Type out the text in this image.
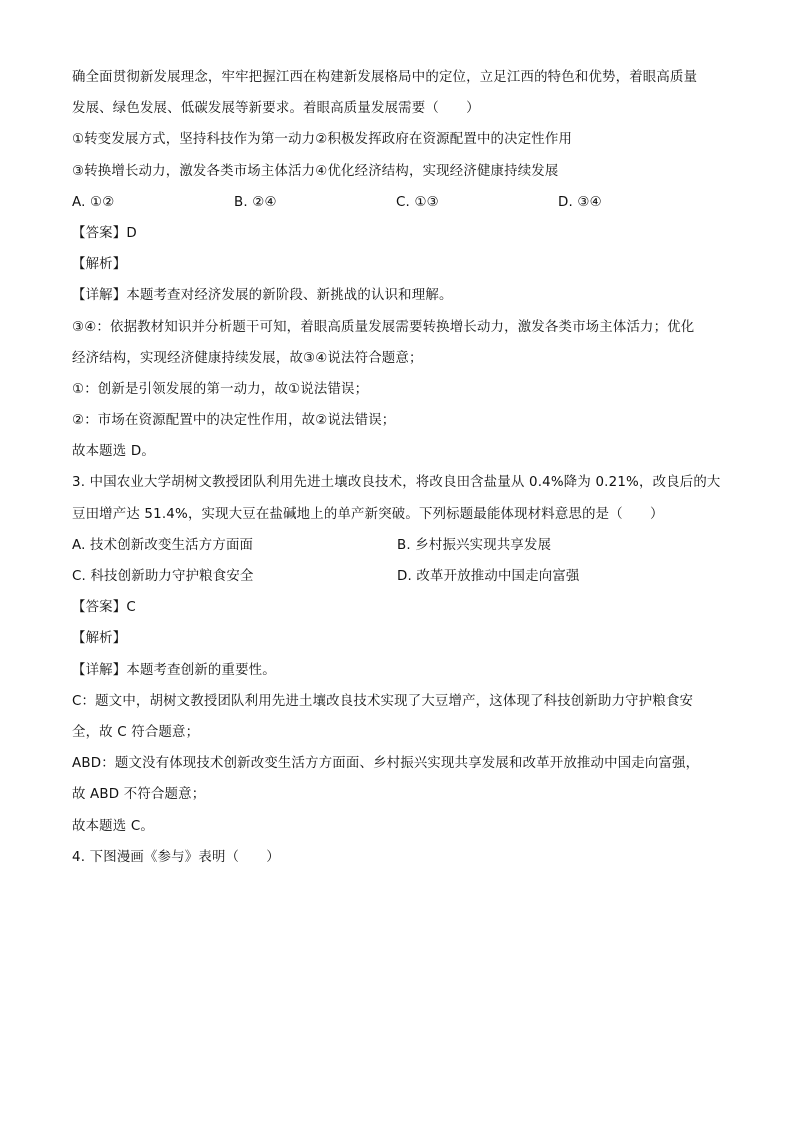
确全面贯彻新发展理念，牢牢把握江西在构建新发展格局中的定位，立足江西的特色和优势，着眼高质量
发展、绿色发展、低碳发展等新要求。着眼高质量发展需要（　　）
①转变发展方式，坚持科技作为第一动力②积极发挥政府在资源配置中的决定性作用
③转换增长动力，激发各类市场主体活力④优化经济结构，实现经济健康持续发展
A. ①②	B. ②④	C. ①③	D. ③④
【答案】D
【解析】
【详解】本题考查对经济发展的新阶段、新挑战的认识和理解。
③④：依据教材知识并分析题干可知，着眼高质量发展需要转换增长动力，激发各类市场主体活力；优化
经济结构，实现经济健康持续发展，故③④说法符合题意；
①：创新是引领发展的第一动力，故①说法错误；
②：市场在资源配置中的决定性作用，故②说法错误；
故本题选 D。
3. 中国农业大学胡树文教授团队利用先进土壤改良技术，将改良田含盐量从 0.4%降为 0.21%，改良后的大
豆田增产达 51.4%，实现大豆在盐碱地上的单产新突破。下列标题最能体现材料意思的是（　　）
A. 技术创新改变生活方方面面	B. 乡村振兴实现共享发展
C. 科技创新助力守护粮食安全	D. 改革开放推动中国走向富强
【答案】C
【解析】
【详解】本题考查创新的重要性。
C：题文中，胡树文教授团队利用先进土壤改良技术实现了大豆增产，这体现了科技创新助力守护粮食安
全，故 C 符合题意；
ABD：题文没有体现技术创新改变生活方方面面、乡村振兴实现共享发展和改革开放推动中国走向富强，
故 ABD 不符合题意；
故本题选 C。
4. 下图漫画《参与》表明（　　）
